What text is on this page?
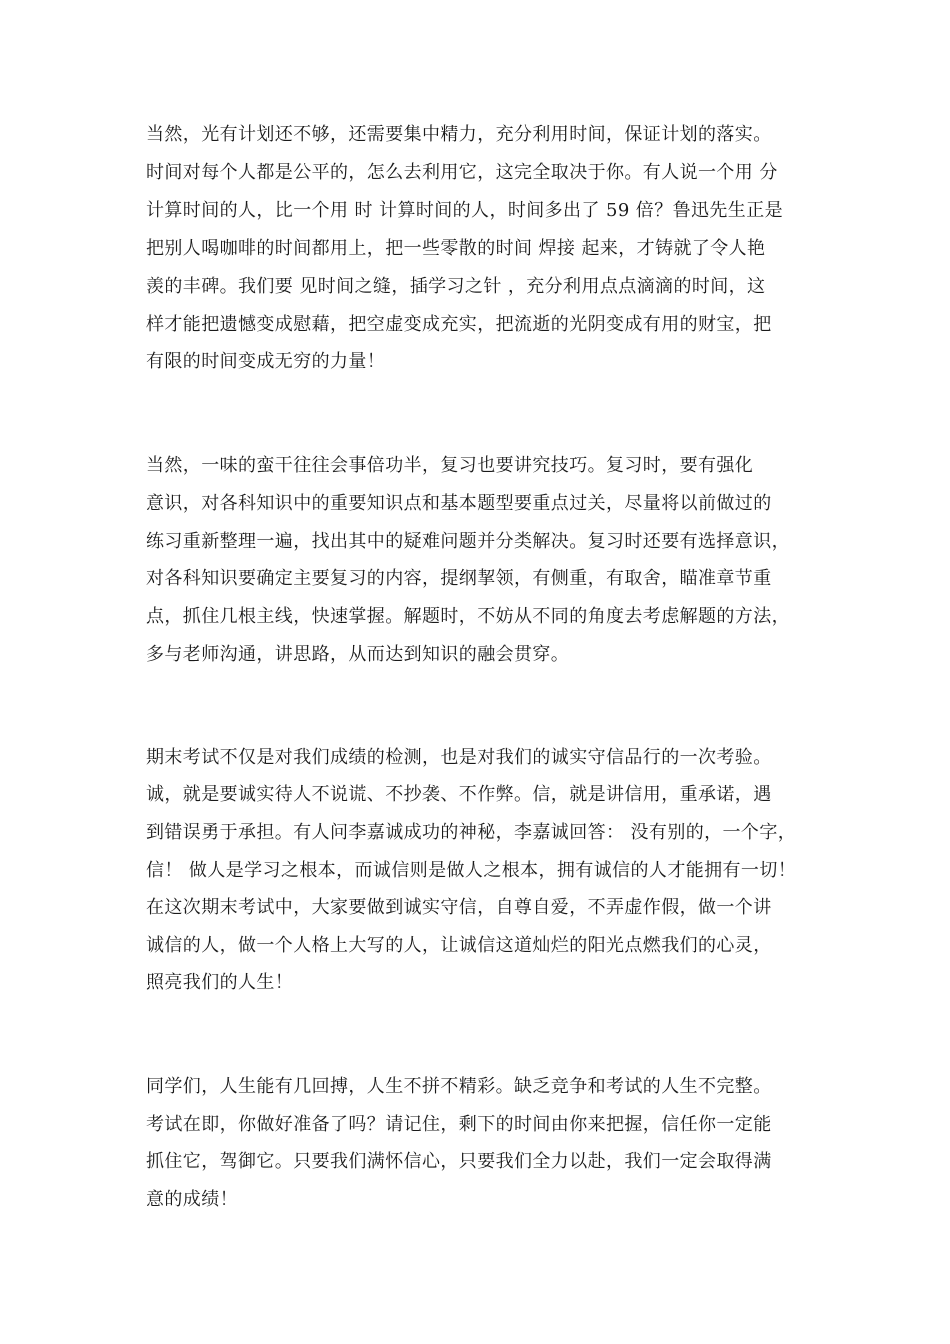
当然，光有计划还不够，还需要集中精力，充分利用时间，保证计划的落实。

时间对每个人都是公平的，怎么去利用它，这完全取决于你。有人说一个用 分

计算时间的人，比一个用 时 计算时间的人，时间多出了 59 倍？鲁迅先生正是

把别人喝咖啡的时间都用上，把一些零散的时间 焊接 起来，才铸就了令人艳

羡的丰碑。我们要 见时间之缝，插学习之针 ，充分利用点点滴滴的时间，这

样才能把遗憾变成慰藉，把空虚变成充实，把流逝的光阴变成有用的财宝，把

有限的时间变成无穷的力量！

当然，一味的蛮干往往会事倍功半，复习也要讲究技巧。复习时，要有强化

意识，对各科知识中的重要知识点和基本题型要重点过关，尽量将以前做过的

练习重新整理一遍，找出其中的疑难问题并分类解决。复习时还要有选择意识，

对各科知识要确定主要复习的内容，提纲挈领，有侧重，有取舍，瞄准章节重

点，抓住几根主线，快速掌握。解题时，不妨从不同的角度去考虑解题的方法，

多与老师沟通，讲思路，从而达到知识的融会贯穿。

期末考试不仅是对我们成绩的检测，也是对我们的诚实守信品行的一次考验。

诚，就是要诚实待人不说谎、不抄袭、不作弊。信，就是讲信用，重承诺，遇

到错误勇于承担。有人问李嘉诚成功的神秘，李嘉诚回答： 没有别的，一个字，

信！ 做人是学习之根本，而诚信则是做人之根本，拥有诚信的人才能拥有一切！

在这次期末考试中，大家要做到诚实守信，自尊自爱，不弄虚作假，做一个讲

诚信的人，做一个人格上大写的人，让诚信这道灿烂的阳光点燃我们的心灵，

照亮我们的人生！

同学们，人生能有几回搏，人生不拼不精彩。缺乏竞争和考试的人生不完整。

考试在即，你做好准备了吗？请记住，剩下的时间由你来把握，信任你一定能

抓住它，驾御它。只要我们满怀信心，只要我们全力以赴，我们一定会取得满

意的成绩！
